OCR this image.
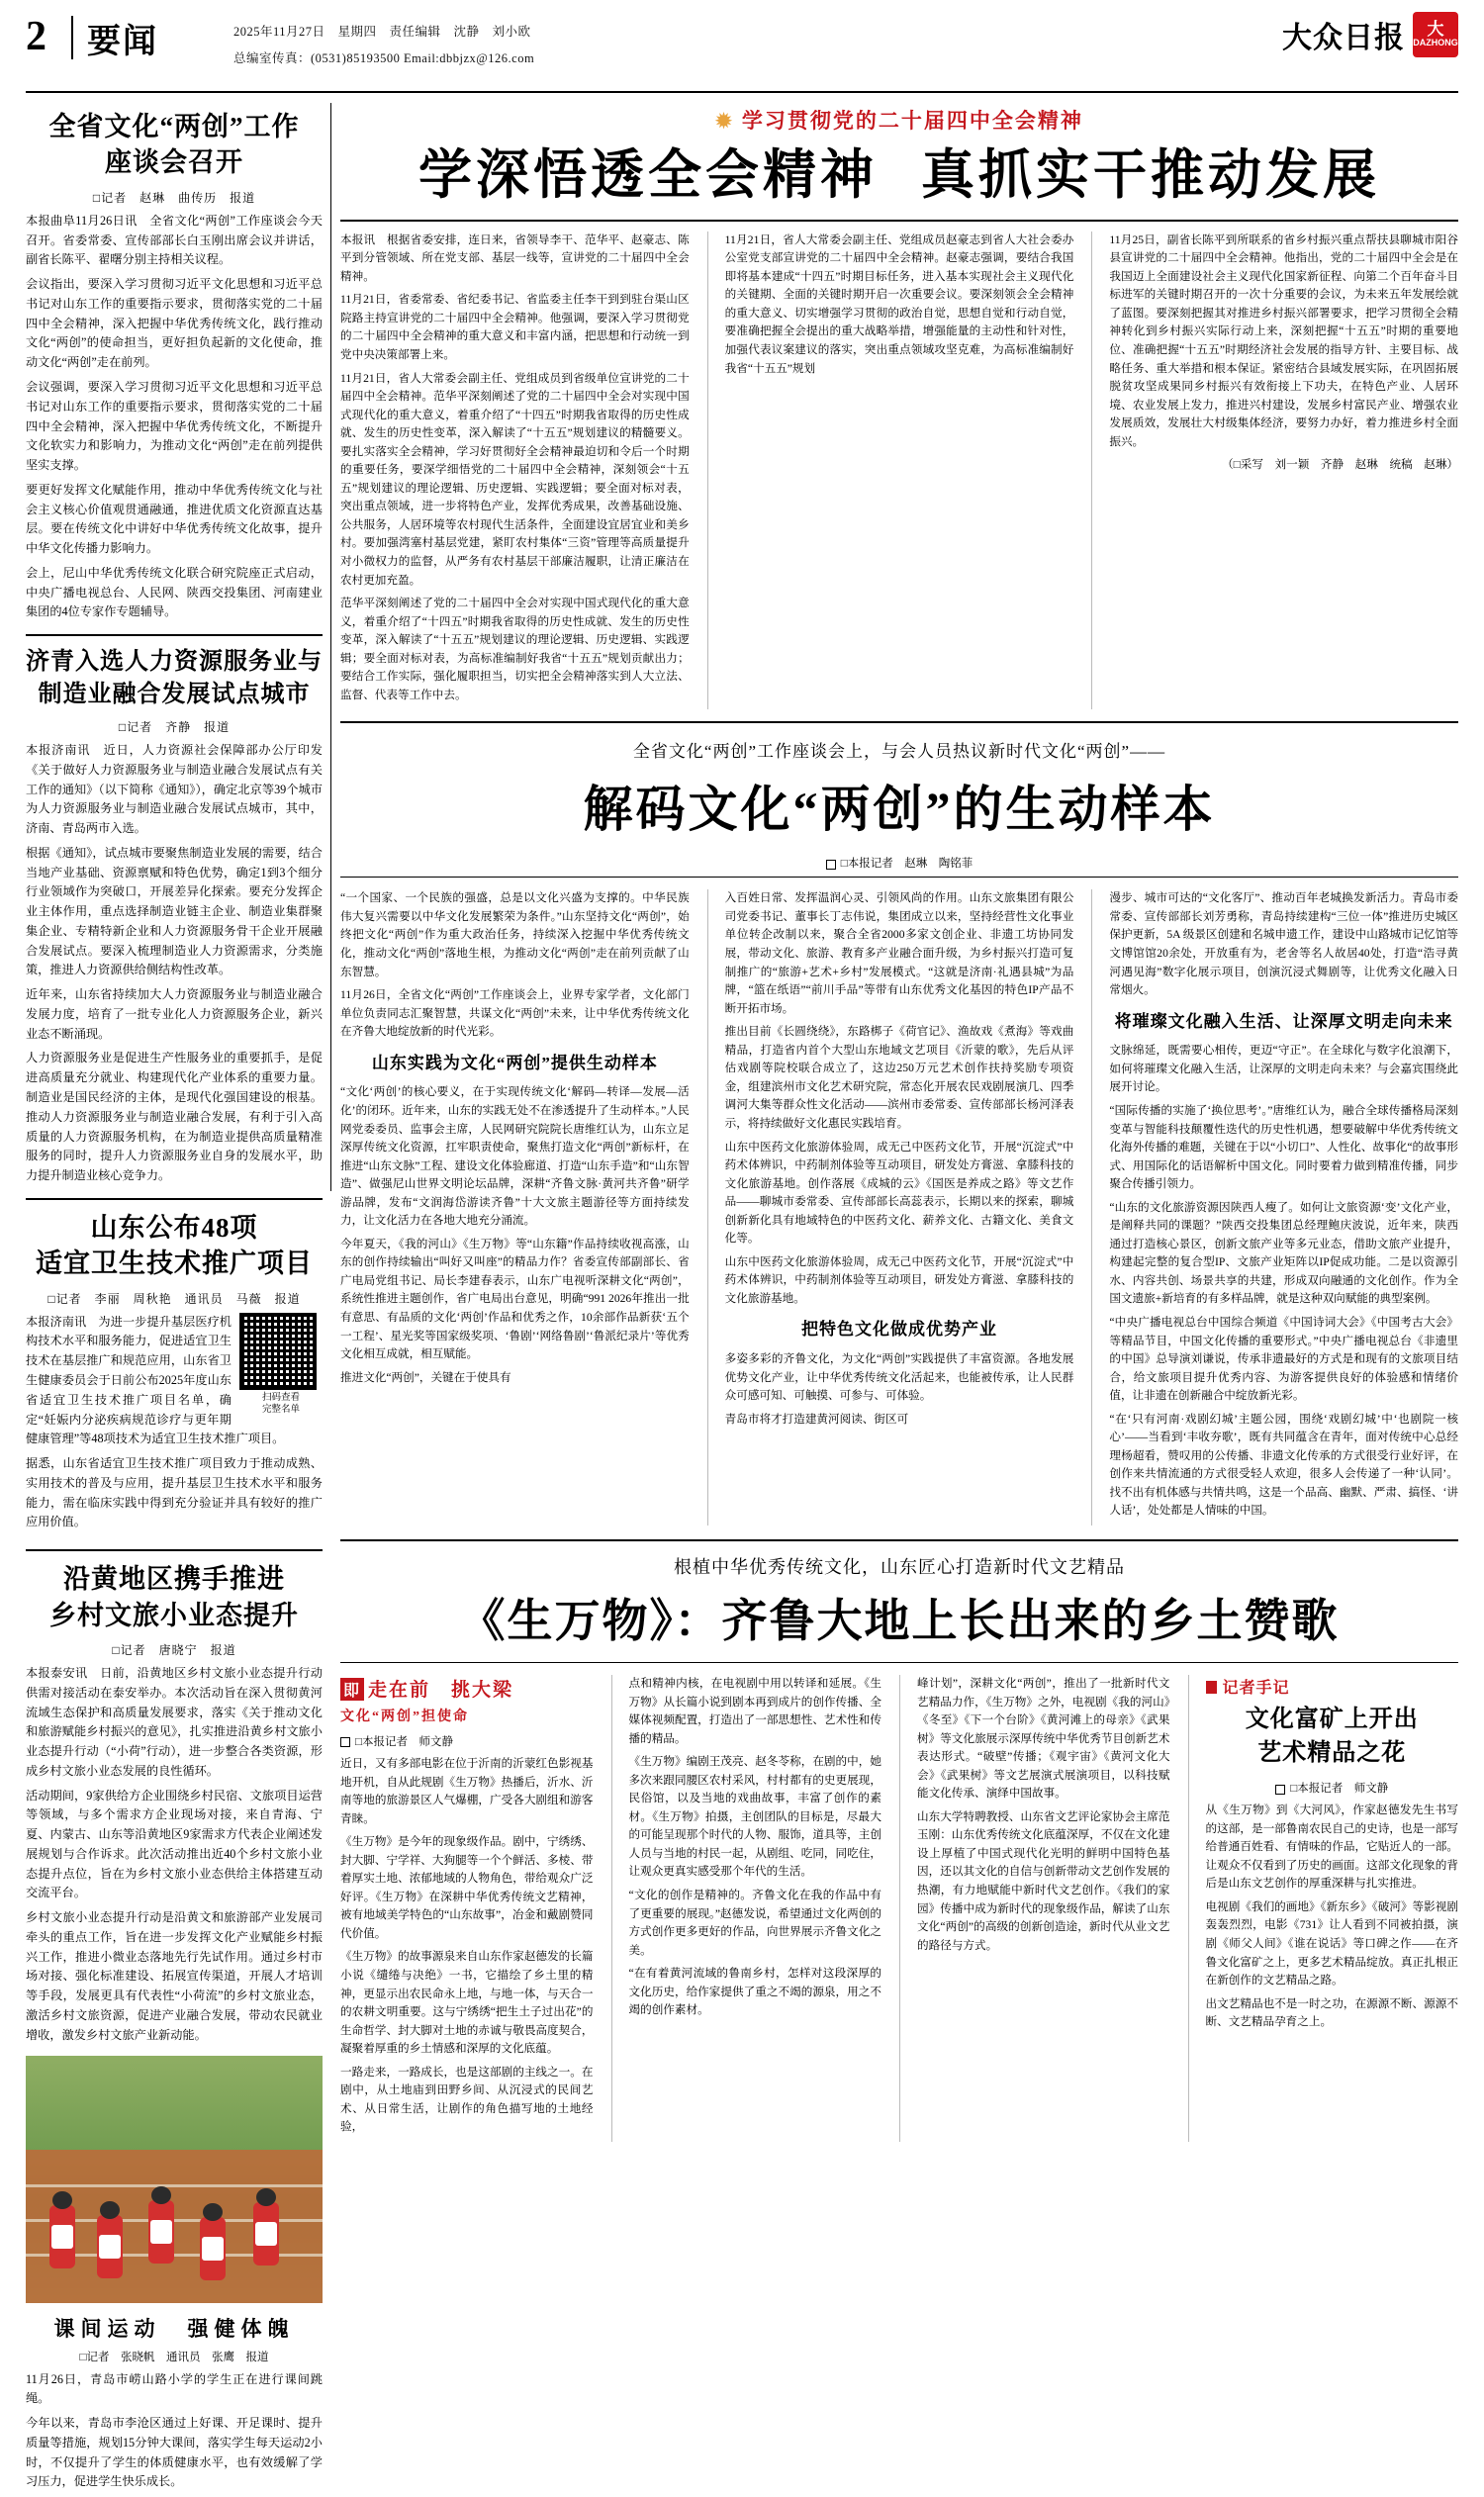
2 要闻	2025年11月27日　星期四　责任编辑　沈静　刘小欧
总编室传真：(0531)85193500 Email:dbbjzx@126.com
大众日报 大
DAZHONG
全省文化“两创”工作
座谈会召开
□记者　赵琳　曲传历　报道

本报曲阜11月26日讯　全省文化“两创”工作座谈会今天召开。省委常委、宣传部部长白玉刚出席会议并讲话，副省长陈平、翟曙分别主持相关议程。

会议指出，要深入学习贯彻习近平文化思想和习近平总书记对山东工作的重要指示要求，贯彻落实党的二十届四中全会精神，深入把握中华优秀传统文化，践行推动文化“两创”的使命担当，更好担负起新的文化使命，推动文化“两创”走在前列。

会议强调，要深入学习贯彻习近平文化思想和习近平总书记对山东工作的重要指示要求，贯彻落实党的二十届四中全会精神，深入把握中华优秀传统文化，不断提升文化软实力和影响力，为推动文化“两创”走在前列提供坚实支撑。

要更好发挥文化赋能作用，推动中华优秀传统文化与社会主义核心价值观贯通融通，推进优质文化资源直达基层。要在传统文化中讲好中华优秀传统文化故事，提升中华文化传播力影响力。

会上，尼山中华优秀传统文化联合研究院座正式启动，中央广播电视总台、人民网、陕西交投集团、河南建业集团的4位专家作专题辅导。

济青入选人力资源服务业与
制造业融合发展试点城市
□记者　齐静　报道

本报济南讯　近日，人力资源社会保障部办公厅印发《关于做好人力资源服务业与制造业融合发展试点有关工作的通知》（以下简称《通知》），确定北京等39个城市为人力资源服务业与制造业融合发展试点城市，其中，济南、青岛两市入选。

根据《通知》，试点城市要聚焦制造业发展的需要，结合当地产业基础、资源禀赋和特色优势，确定1到3个细分行业领域作为突破口，开展差异化探索。要充分发挥企业主体作用，重点选择制造业链主企业、制造业集群聚集企业、专精特新企业和人力资源服务骨干企业开展融合发展试点。要深入梳理制造业人力资源需求，分类施策，推进人力资源供给侧结构性改革。

近年来，山东省持续加大人力资源服务业与制造业融合发展力度，培育了一批专业化人力资源服务企业，新兴业态不断涌现。

人力资源服务业是促进生产性服务业的重要抓手，是促进高质量充分就业、构建现代化产业体系的重要力量。制造业是国民经济的主体，是现代化强国建设的根基。推动人力资源服务业与制造业融合发展，有利于引入高质量的人力资源服务机构，在为制造业提供高质量精准服务的同时，提升人力资源服务业自身的发展水平，助力提升制造业核心竞争力。

山东公布48项
适宜卫生技术推广项目
□记者　李丽　周秋艳　通讯员　马薇　报道
扫码查看
完整名单

本报济南讯　为进一步提升基层医疗机构技术水平和服务能力，促进适宜卫生技术在基层推广和规范应用，山东省卫生健康委员会于日前公布2025年度山东省适宜卫生技术推广项目名单，确定“妊娠内分泌疾病规范诊疗与更年期健康管理”等48项技术为适宜卫生技术推广项目。

据悉，山东省适宜卫生技术推广项目致力于推动成熟、实用技术的普及与应用，提升基层卫生技术水平和服务能力，需在临床实践中得到充分验证并具有较好的推广应用价值。

沿黄地区携手推进
乡村文旅小业态提升
□记者　唐晓宁　报道

本报泰安讯　日前，沿黄地区乡村文旅小业态提升行动供需对接活动在泰安举办。本次活动旨在深入贯彻黄河流域生态保护和高质量发展要求，落实《关于推动文化和旅游赋能乡村振兴的意见》，扎实推进沿黄乡村文旅小业态提升行动（“小荷”行动），进一步整合各类资源，形成乡村文旅小业态发展的良性循环。

活动期间，9家供给方企业围绕乡村民宿、文旅项目运营等领域，与多个需求方企业现场对接，来自青海、宁夏、内蒙古、山东等沿黄地区9家需求方代表企业阐述发展规划与合作诉求。此次活动推出近40个乡村文旅小业态提升点位，旨在为乡村文旅小业态供给主体搭建互动交流平台。

乡村文旅小业态提升行动是沿黄文和旅游部产业发展司牵头的重点工作，旨在进一步发挥文化产业赋能乡村振兴工作，推进小微业态落地先行先试作用。通过乡村市场对接、强化标准建设、拓展宣传渠道，开展人才培训等手段，发展更具有代表性“小荷流”的乡村文旅业态，激活乡村文旅资源，促进产业融合发展，带动农民就业增收，激发乡村文旅产业新动能。

课间运动　强健体魄
□记者　张晓帆　通讯员　张鹰　报道

11月26日，青岛市崂山路小学的学生正在进行课间跳绳。

今年以来，青岛市李沧区通过上好课、开足课时、提升质量等措施，规划15分钟大课间，落实学生每天运动2小时，不仅提升了学生的体质健康水平，也有效缓解了学习压力，促进学生快乐成长。

✹ 学习贯彻党的二十届四中全会精神
学深悟透全会精神 真抓实干推动发展

本报讯　根据省委安排，连日来，省领导李干、范华平、赵豪志、陈平到分管领域、所在党支部、基层一线等，宣讲党的二十届四中全会精神。

11月21日，省委常委、省纪委书记、省监委主任李干到到驻台渠山区院路主持宣讲党的二十届四中全会精神。他强调，要深入学习贯彻党的二十届四中全会精神的重大意义和丰富内涵，把思想和行动统一到党中央决策部署上来。

11月21日，省人大常委会副主任、党组成员到省级单位宣讲党的二十届四中全会精神。范华平深刻阐述了党的二十届四中全会对实现中国式现代化的重大意义，着重介绍了“十四五”时期我省取得的历史性成就、发生的历史性变革，深入解读了“十五五”规划建议的精髓要义。要扎实落实全会精神，学习好贯彻好全会精神最迫切和令后一个时期的重要任务，要深学细悟党的二十届四中全会精神，深刻领会“十五五”规划建议的理论逻辑、历史逻辑、实践逻辑；要全面对标对表，突出重点领域，进一步将特色产业，发挥优秀成果，改善基础设施、公共服务，人居环境等农村现代生活条件，全面建设宜居宜业和美乡村。要加强湾塞村基层党建，紧盯农村集体“三资”管理等高质量提升对小微权力的监督，从严务有农村基层干部廉洁履职，让清正廉洁在农村更加充盈。

范华平深刻阐述了党的二十届四中全会对实现中国式现代化的重大意义，着重介绍了“十四五”时期我省取得的历史性成就、发生的历史性变革，深入解读了“十五五”规划建议的理论逻辑、历史逻辑、实践逻辑；要全面对标对表，为高标准编制好我省“十五五”规划贡献出力；要结合工作实际，强化履职担当，切实把全会精神落实到人大立法、监督、代表等工作中去。

11月21日，省人大常委会副主任、党组成员赵豪志到省人大社会委办公室党支部宣讲党的二十届四中全会精神。赵豪志强调，要结合我国即将基本建成“十四五”时期目标任务，进入基本实现社会主义现代化的关键期、全面的关键时期开启一次重要会议。要深刻领会全会精神的重大意义、切实增强学习贯彻的政治自觉，思想自觉和行动自觉，要准确把握全会提出的重大战略举措，增强能量的主动性和针对性，加强代表议案建议的落实，突出重点领域攻坚克难，为高标准编制好我省“十五五”规划

11月25日，副省长陈平到所联系的省乡村振兴重点帮扶县聊城市阳谷县宣讲党的二十届四中全会精神。他指出，党的二十届四中全会是在我国迈上全面建设社会主义现代化国家新征程、向第二个百年奋斗目标进军的关键时期召开的一次十分重要的会议，为未来五年发展绘就了蓝图。要深刻把握其对推进乡村振兴部署要求，把学习贯彻全会精神转化到乡村振兴实际行动上来，深刻把握“十五五”时期的重要地位、准确把握“十五五”时期经济社会发展的指导方针、主要目标、战略任务、重大举措和根本保证。紧密结合县域发展实际，在巩固拓展脱贫攻坚成果同乡村振兴有效衔接上下功夫，在特色产业、人居环境、农业发展上发力，推进兴村建设，发展乡村富民产业、增强农业发展质效，发展壮大村级集体经济，要努力办好，着力推进乡村全面振兴。

（□采写　刘一颖　齐静　赵琳　统稿　赵琳）
全省文化“两创”工作座谈会上，与会人员热议新时代文化“两创”——
解码文化“两创”的生动样本
□本报记者　赵琳　陶铭菲

“一个国家、一个民族的强盛，总是以文化兴盛为支撑的。中华民族伟大复兴需要以中华文化发展繁荣为条件。”山东坚持文化“两创”，始终把文化“两创”作为重大政治任务，持续深入挖掘中华优秀传统文化，推动文化“两创”落地生根，为推动文化“两创”走在前列贡献了山东智慧。

11月26日，全省文化“两创”工作座谈会上，业界专家学者，文化部门单位负责同志汇聚智慧，共谋文化“两创”未来，让中华优秀传统文化在齐鲁大地绽放新的时代光彩。

山东实践为文化“两创”提供生动样本

“文化‘两创’的核心要义，在于实现传统文化‘解码—转译—发展—活化’的闭环。近年来，山东的实践无处不在渗透提升了生动样本。”人民网党委委员、监事会主席，人民网研究院院长唐维红认为，山东立足深厚传统文化资源，扛牢职责使命，聚焦打造文化“两创”新标杆，在推进“山东文脉”工程、建设文化体验廊道、打造“山东手造”和“山东智造”、做强尼山世界文明论坛品牌，深耕“齐鲁文脉·黄河共齐鲁”研学游品牌，发布“文润海岱游读齐鲁”十大文旅主题游径等方面持续发力，让文化活力在各地大地充分涌流。

今年夏天，《我的河山》《生万物》等“山东籍”作品持续收视高涨，山东的创作持续输出“叫好又叫座”的精品力作？省委宣传部副部长、省广电局党组书记、局长李建春表示，山东广电视听深耕文化“两创”，系统性推进主题创作，省广电局出台意见，明确“991 2026年推出一批有意思、有品质的文化‘两创’作品和优秀之作，10余部作品新获‘五个一工程’、星光奖等国家级奖项、‘鲁剧’‘网络鲁剧’‘鲁派纪录片’等优秀文化相互成就，相互赋能。

推进文化“两创”，关键在于使具有

入百姓日常、发挥温润心灵、引领风尚的作用。山东文旅集团有限公司党委书记、董事长丁志伟说，集团成立以来，坚持经营性文化事业单位转企改制以来，聚合全省2000多家文创企业、非遗工坊协同发展，带动文化、旅游、教育多产业融合面升级，为乡村振兴打造可复制推广的“旅游+艺术+乡村”发展模式。“这就是济南·礼遇县城”为品牌，“篮在纸语”“前川手品”等带有山东优秀文化基因的特色IP产品不断开拓市场。

推出目前《长圆绕绕》，东路梆子《荷官记》、渔故戏《煮海》等戏曲精品，打造省内首个大型山东地域文艺项目《沂蒙的歌》，先后从评估戏剧等院校联合成立了，这边250万元艺术创作扶持奖励专项资金，组建滨州市文化艺术研究院，常态化开展农民戏剧展演几、四季调河大集等群众性文化活动——滨州市委常委、宣传部部长杨河泽表示，将持续做好文化惠民实践培育。

山东中医药文化旅游体验周，成无己中医药文化节，开展“沉淀式”中药术体辨识，中药制剂体验等互动项目，研发处方膏滋、拿膝科技的文化旅游基地。创作落展《成城的云》《国医是养成之路》等文艺作品——聊城市委常委、宣传部部长高蕊表示，长期以来的探索，聊城创新新化具有地域特色的中医药文化、薪养文化、古籍文化、美食文化等。

山东中医药文化旅游体验周，成无己中医药文化节，开展“沉淀式”中药术体辨识，中药制剂体验等互动项目，研发处方膏滋、拿膝科技的文化旅游基地。

把特色文化做成优势产业

多姿多彩的齐鲁文化，为文化“两创”实践提供了丰富资源。各地发展优势文化产业，让中华优秀传统文化活起来，也能被传承，让人民群众可感可知、可触摸、可参与、可体验。

青岛市将才打造建黄河阅读、街区可

漫步、城市可达的“文化客厅”、推动百年老城换发新活力。青岛市委常委、宣传部部长刘芳勇称，青岛持续建构“三位一体”推进历史城区保护更新，5A 级景区创建和名城申遗工作，建设中山路城市记忆馆等文博馆馆20余处，开放重有为，老舍等名人故居40处，打造“浩寻黄河遇见海”数字化展示项目，创演沉浸式舞剧等，让优秀文化融入日常烟火。

将璀璨文化融入生活、让深厚文明走向未来

文脉绵延，既需要心相传，更迈“守正”。在全球化与数字化浪潮下，如何将璀璨文化融入生活，让深厚的文明走向未来？与会嘉宾围绕此展开讨论。

“国际传播的实施了‘换位思考’。”唐维红认为，融合全球传播格局深刻变革与智能科技颠覆性迭代的历史性机遇，想要破解中华优秀传统文化海外传播的难题，关键在于以“小切口”、人性化、故事化“的故事形式、用国际化的话语解析中国文化。同时要着力做到精准传播，同步聚合传播引领力。

“山东的文化旅游资源因陕西人瘦了。如何让文旅资源‘变’文化产业，是阐释共同的课题？”陕西交投集团总经理鲍庆波说，近年来，陕西通过打造核心景区，创新文旅产业等多元业态，借助文旅产业提升，构建起完整的复合型IP、文旅产业矩阵以IP促成功能。二是以资源引水、内容共创、场景共享的共建，形成双向融通的文化创作。作为全国文遗旅+新培育的有多样品牌，就是这种双向赋能的典型案例。

“中央广播电视总台中国综合频道《中国诗词大会》《中国考古大会》等精品节目，中国文化传播的重要形式。”中央广播电视总台《非遗里的中国》总导演刘谦说，传承非遗最好的方式是和现有的文旅项目结合，给文旅项目提升优秀内容、为游客提供良好的体验感和情绪价值，让非遗在创新融合中绽放新光彩。

“在‘只有河南·戏剧幻城’主题公园，围绕‘戏剧幻城’中‘也剧院一核心’——当看到‘丰收夯歌’，既有共同蕴含在青年，面对传统中心总经理杨超看，赞叹用的公传播、非遗文化传承的方式很受行业好评，在创作来共情流通的方式很受轻人欢迎，很多人会传递了一种‘认同’。找不出有机体感与共情共鸣，这是一个品高、幽默、严肃、搞怪、‘讲人话’，处处都是人情味的中国。

根植中华优秀传统文化，山东匠心打造新时代文艺精品
《生万物》：齐鲁大地上长出来的乡土赞歌
即 走在前　挑大梁
文化“两创”担使命
□本报记者　师文静

近日，又有多部电影在位于沂南的沂蒙红色影视基地开机，自从此规剧《生万物》热播后，沂水、沂南等地的旅游景区人气爆棚，广受各大剧组和游客青睐。

《生万物》是今年的现象级作品。剧中，宁绣绣、封大脚、宁学祥、大狗腿等一个个鲜活、多棱、带着厚实土地、浓郁地域的人物角色，带给观众广泛好评。《生万物》在深耕中华优秀传统文艺精神，被有地域美学特色的“山东故事”，冶金和戴剧赞同代价值。

《生万物》的故事源泉来自山东作家赵德发的长篇小说《缱绻与决绝》一书，它描绘了乡土里的精神，更显示出农民命永上地，与地一体，与天合一的农耕文明重要。这与宁绣绣“把生土子过出花”的生命哲学、封大脚对土地的赤诚与敬畏高度契合，凝聚着厚重的乡土情感和深厚的文化底蕴。

一路走来，一路成长，也是这部剧的主线之一。在剧中，从土地庙到田野乡间、从沉浸式的民间艺术、从日常生活，让剧作的角色描写地的土地经验，

点和精神内核，在电视剧中用以转译和延展。《生万物》从长篇小说到剧本再到成片的创作传播、全媒体视频配置，打造出了一部思想性、艺术性和传播的精品。

《生万物》编剧王茂亮、赵冬苓称，在剧的中，她多次来跟同腰区农村采风，村村都有的史更展现，民俗馆，以及当地的戏曲故事，丰富了创作的素材。《生万物》拍摄，主创团队的目标是，尽最大的可能呈现那个时代的人物、服饰，道具等，主创人员与当地的村民一起，从剧组、吃同，同吃住，让观众更真实感受那个年代的生活。

“文化的创作是精神的。齐鲁文化在我的作品中有了更重要的展现。”赵德发说，希望通过文化两创的方式创作更多更好的作品，向世界展示齐鲁文化之美。

“在有着黄河流域的鲁南乡村，怎样对这段深厚的文化历史，给作家提供了重之不竭的源泉，用之不竭的创作素材。

峰计划”，深耕文化“两创”，推出了一批新时代文艺精品力作，《生万物》之外，电视剧《我的河山》《冬至》《下一个台阶》《黄河滩上的母亲》《武果树》等文化旅展示深厚传统中华优秀节目创新艺术表达形式。“破壁”传播；《观宇宙》《黄河文化大会》《武果树》等文艺展演式展演项目，以科技赋能文化传承、演绎中国故事。

山东大学特聘教授、山东省文艺评论家协会主席范玉刚：山东优秀传统文化底蕴深厚，不仅在文化建设上厚植了中国式现代化光明的鲜明中国特色基因，还以其文化的自信与创新带动文艺创作发展的热潮，有力地赋能中新时代文艺创作。《我们的家园》传播中成为新时代的现象级作品，解读了山东文化“两创”的高级的创新创造途，新时代从业文艺的路径与方式。

记者手记
文化富矿上开出
艺术精品之花
□本报记者　师文静

从《生万物》到《大河风》，作家赵德发先生书写的这部，是一部鲁南农民自己的史诗，也是一部写给普通百姓看、有情味的作品，它贴近人的一部。让观众不仅看到了历史的画面。这部文化现象的背后是山东文艺创作的厚重深耕与扎实推进。

电视剧《我们的画地》《新东乡》《破河》等影视剧轰轰烈烈，电影《731》让人看到不同被拍摄，演剧《师父人间》《谁在说话》等口碑之作——在齐鲁文化富矿之上，更多艺术精品绽放。真正扎根正在新创作的文艺精品之路。

出文艺精品也不是一时之功，在源源不断、源源不断、文艺精品孕育之上。
